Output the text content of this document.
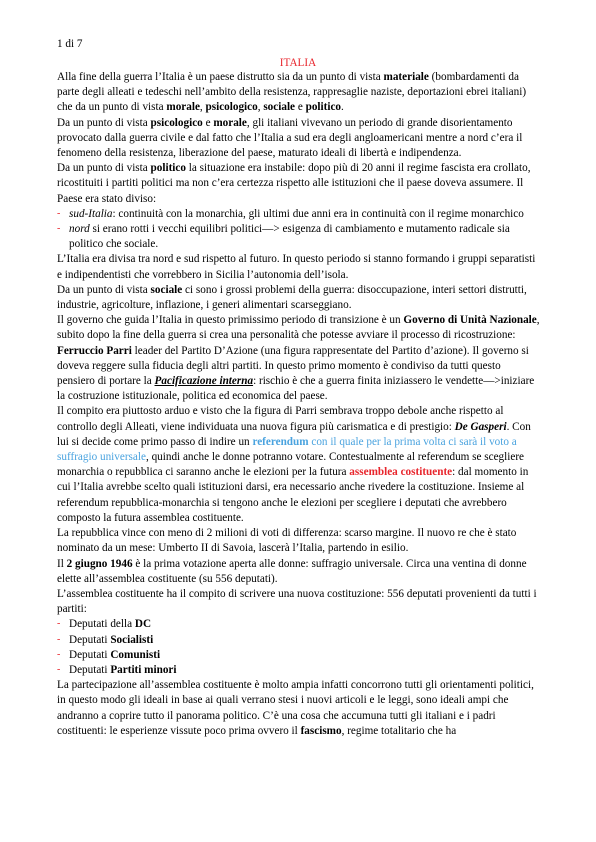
1 di 7
ITALIA

Alla fine della guerra l’Italia è un paese distrutto sia da un punto di vista materiale (bombardamenti da parte degli alleati e tedeschi nell’ambito della resistenza, rappresaglie naziste, deportazioni ebrei italiani) che da un punto di vista morale, psicologico, sociale e politico.

Da un punto di vista psicologico e morale, gli italiani vivevano un periodo di grande disorientamento provocato dalla guerra civile e dal fatto che l’Italia a sud era degli angloamericani mentre a nord c’era il fenomeno della resistenza, liberazione del paese, maturato ideali di libertà e indipendenza.

Da un punto di vista politico la situazione era instabile: dopo più di 20 anni il regime fascista era crollato, ricostituiti i partiti politici ma non c’era certezza rispetto alle istituzioni che il paese doveva assumere. Il Paese era stato diviso:

- sud-Italia: continuità con la monarchia, gli ultimi due anni era in continuità con il regime monarchico
- nord si erano rotti i vecchi equilibri politici—> esigenza di cambiamento e mutamento radicale sia politico che sociale.

L’Italia era divisa tra nord e sud rispetto al futuro. In questo periodo si stanno formando i gruppi separatisti e indipendentisti che vorrebbero in Sicilia l’autonomia dell’isola.

Da un punto di vista sociale ci sono i grossi problemi della guerra: disoccupazione, interi settori distrutti, industrie, agricolture, inflazione, i generi alimentari scarseggiano.

Il governo che guida l’Italia in questo primissimo periodo di transizione è un Governo di Unità Nazionale, subito dopo la fine della guerra si crea una personalità che potesse avviare il processo di ricostruzione: Ferruccio Parri leader del Partito D’Azione (una figura rappresentate del Partito d’azione). Il governo si doveva reggere sulla fiducia degli altri partiti. In questo primo momento è condiviso da tutti questo pensiero di portare la Pacificazione interna: rischio è che a guerra finita iniziassero le vendette—>iniziare la costruzione istituzionale, politica ed economica del paese.

Il compito era piuttosto arduo e visto che la figura di Parri sembrava troppo debole anche rispetto al controllo degli Alleati, viene individuata una nuova figura più carismatica e di prestigio: De Gasperi. Con lui si decide come primo passo di indire un referendum con il quale per la prima volta ci sarà il voto a suffragio universale, quindi anche le donne potranno votare. Contestualmente al referendum se scegliere monarchia o repubblica ci saranno anche le elezioni per la futura assemblea costituente: dal momento in cui l’Italia avrebbe scelto quali istituzioni darsi, era necessario anche rivedere la costituzione. Insieme al referendum repubblica-monarchia si tengono anche le elezioni per scegliere i deputati che avrebbero composto la futura assemblea costituente.

La repubblica vince con meno di 2 milioni di voti di differenza: scarso margine. Il nuovo re che è stato nominato da un mese: Umberto II di Savoia, lascerà l’Italia, partendo in esilio.

Il 2 giugno 1946 è la prima votazione aperta alle donne: suffragio universale. Circa una ventina di donne elette all’assemblea costituente (su 556 deputati).

L’assemblea costituente ha il compito di scrivere una nuova costituzione: 556 deputati provenienti da tutti i partiti:

- Deputati della DC
- Deputati Socialisti
- Deputati Comunisti
- Deputati Partiti minori

La partecipazione all’assemblea costituente è molto ampia infatti concorrono tutti gli orientamenti politici, in questo modo gli ideali in base ai quali verrano stesi i nuovi articoli e le leggi, sono ideali ampi che andranno a coprire tutto il panorama politico. C’è una cosa che accumuna tutti gli italiani e i padri costituenti: le esperienze vissute poco prima ovvero il fascismo, regime totalitario che ha
